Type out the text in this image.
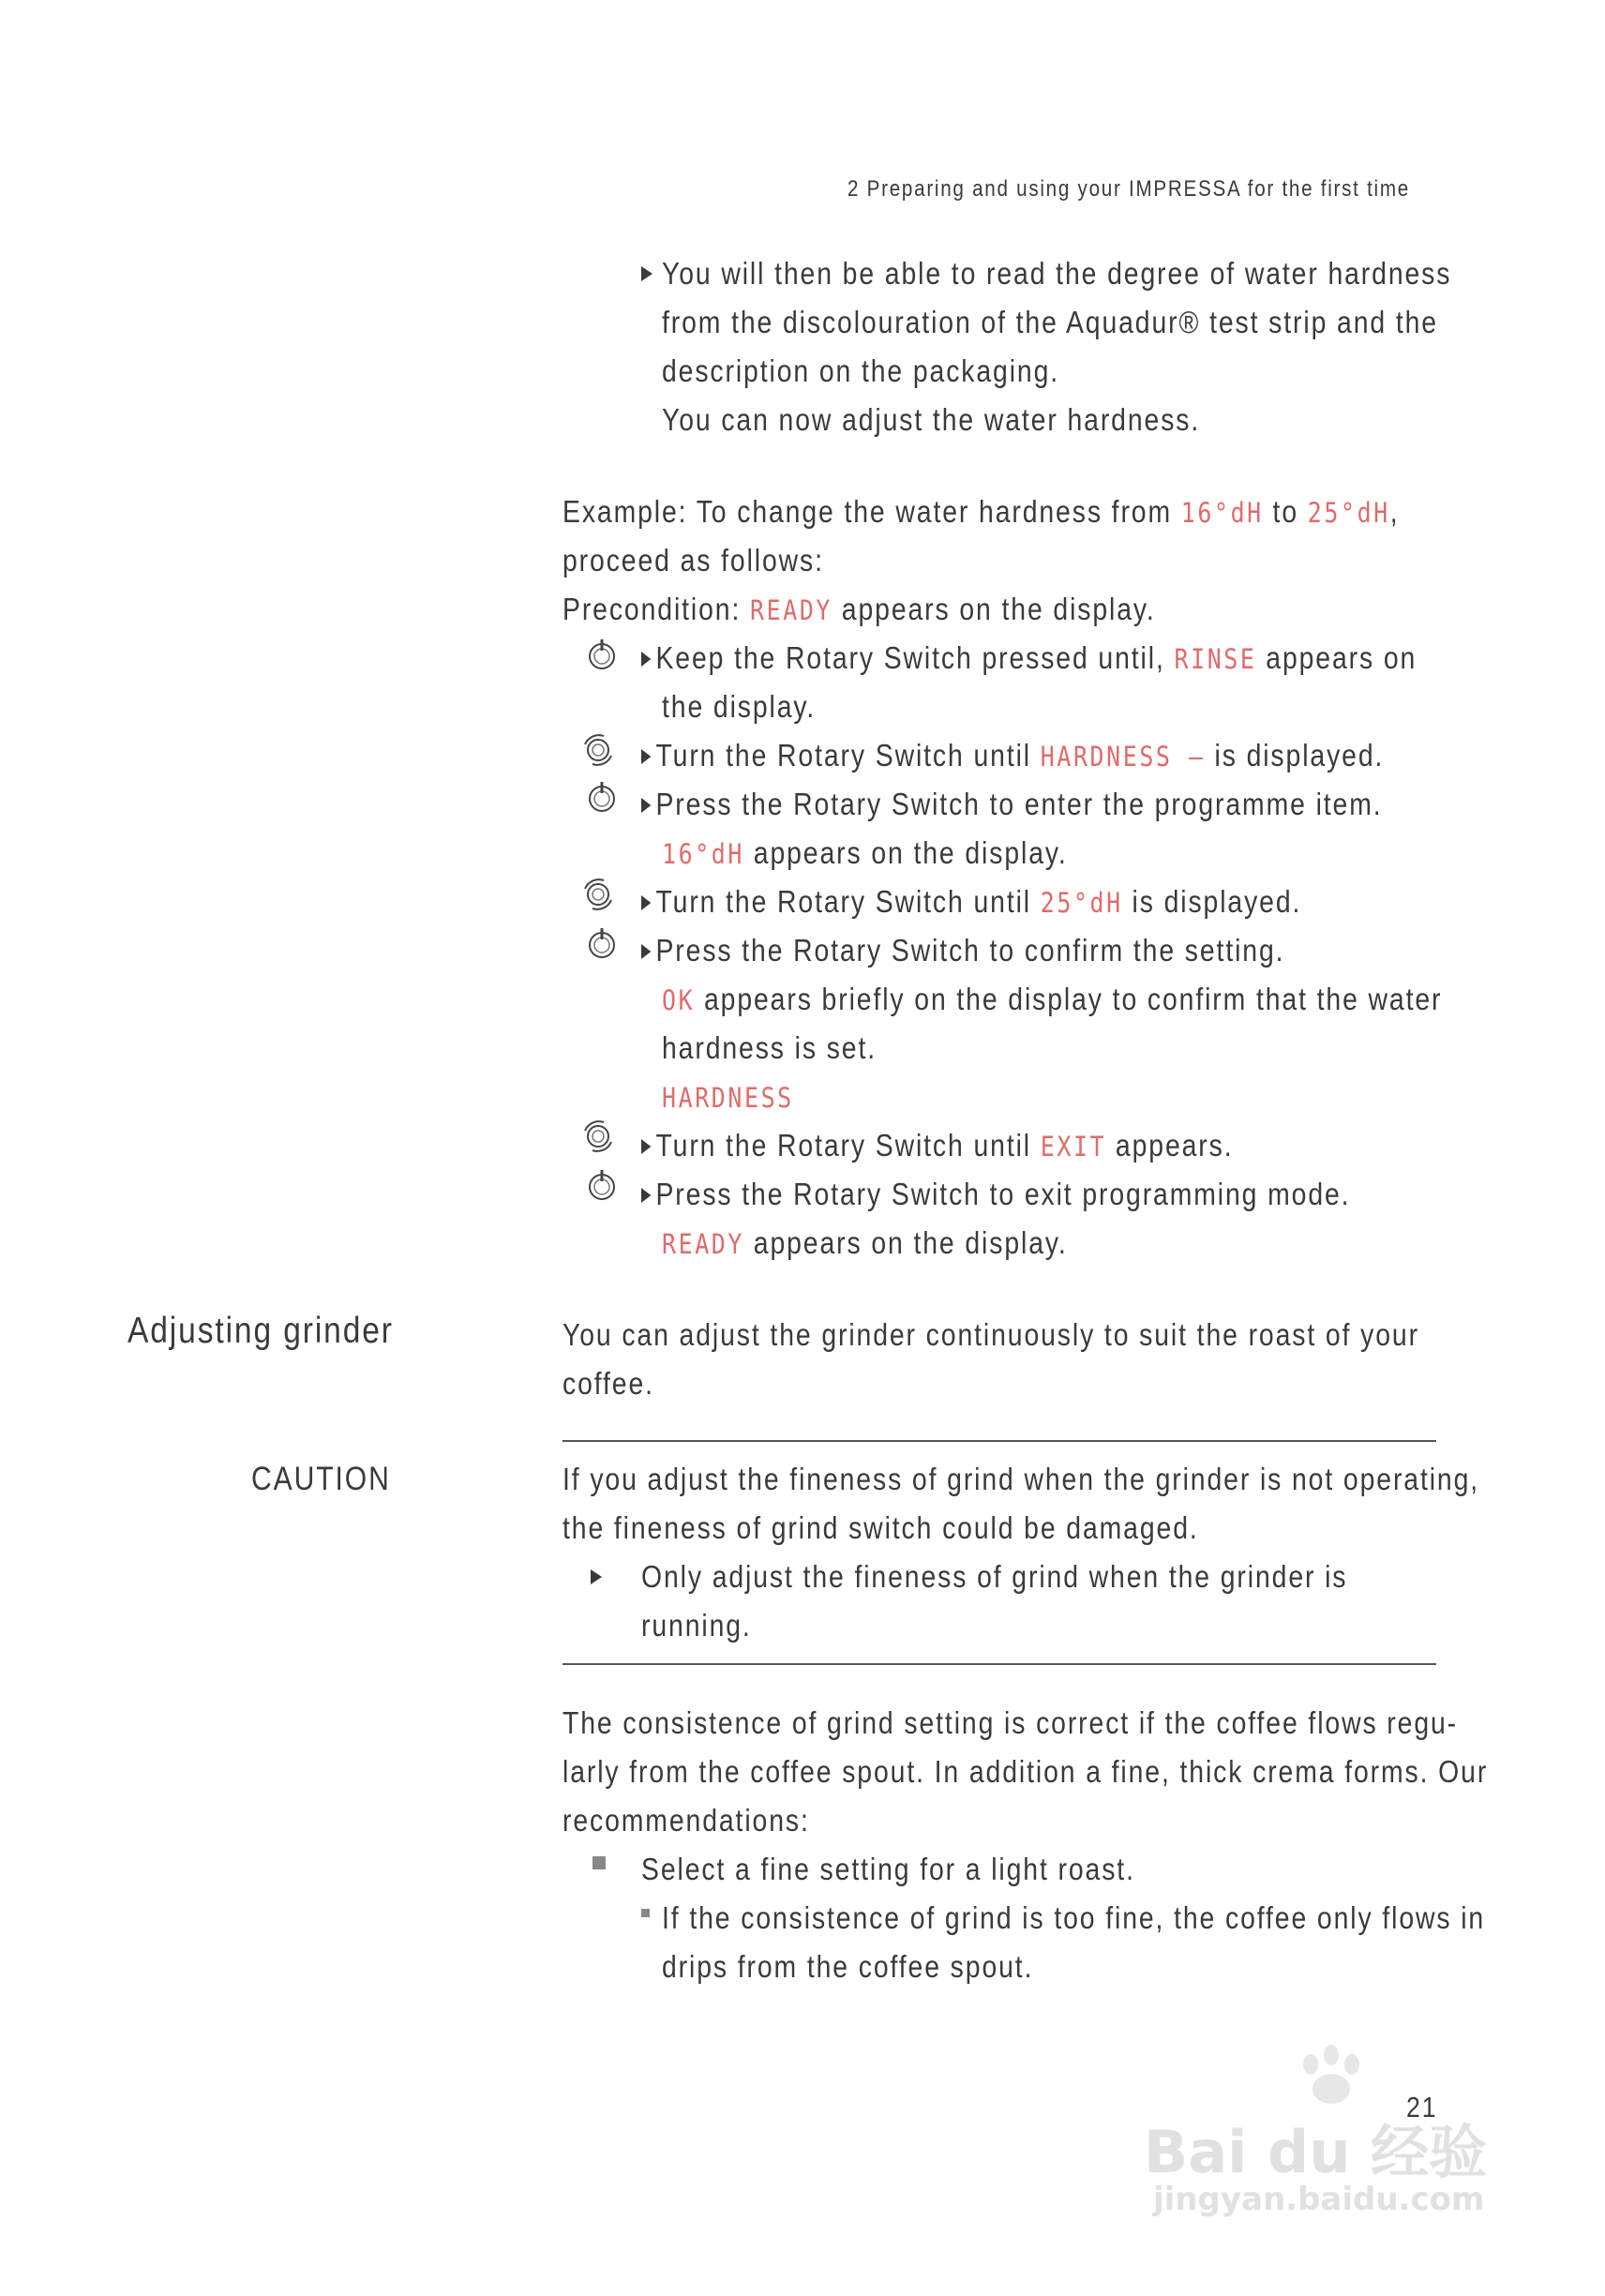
2 Preparing and using your IMPRESSA for the first time
You will then be able to read the degree of water hardness
from the discolouration of the Aquadur® test strip and the
description on the packaging.
You can now adjust the water hardness.
Example: To change the water hardness from 16°dH to 25°dH,
proceed as follows:
Precondition: READY appears on the display.
Keep the Rotary Switch pressed until, RINSE appears on
the display.
Turn the Rotary Switch until HARDNESS – is displayed.
Press the Rotary Switch to enter the programme item.
16°dH appears on the display.
Turn the Rotary Switch until 25°dH is displayed.
Press the Rotary Switch to confirm the setting.
OK appears briefly on the display to confirm that the water
hardness is set.
HARDNESS
Turn the Rotary Switch until EXIT appears.
Press the Rotary Switch to exit programming mode.
READY appears on the display.
Adjusting grinder	You can adjust the grinder continuously to suit the roast of your
coffee.
CAUTION	If you adjust the fineness of grind when the grinder is not operating,
the fineness of grind switch could be damaged.
Only adjust the fineness of grind when the grinder is
running.
The consistence of grind setting is correct if the coffee flows regu-
larly from the coffee spout. In addition a fine, thick crema forms. Our
recommendations:
Select a fine setting for a light roast.
If the consistence of grind is too fine, the coffee only flows in
drips from the coffee spout.
Bai du 经验
jingyan.baidu.com
21
